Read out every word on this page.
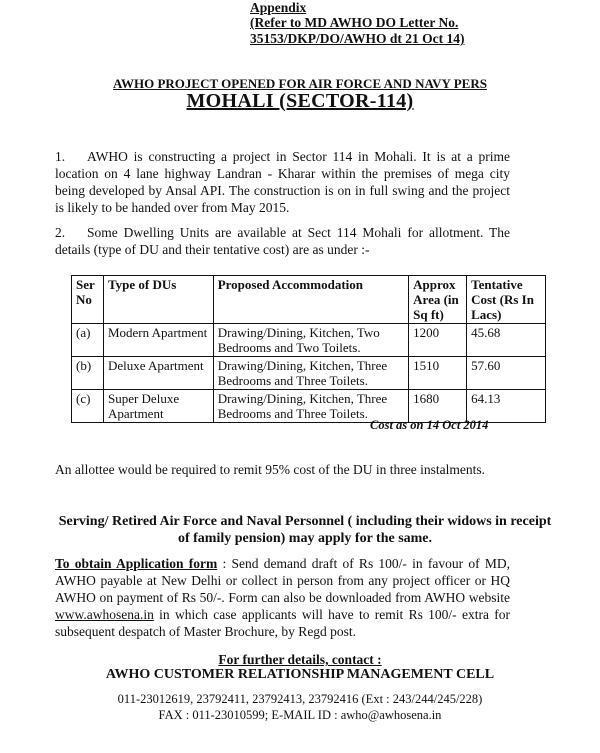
Appendix
(Refer to MD AWHO DO Letter No.
35153/DKP/DO/AWHO dt 21 Oct 14)
AWHO PROJECT OPENED FOR AIR FORCE AND NAVY PERS
MOHALI (SECTOR-114)
1. AWHO is constructing a project in Sector 114 in Mohali. It is at a prime location on 4 lane highway Landran - Kharar within the premises of mega city being developed by Ansal API. The construction is on in full swing and the project is likely to be handed over from May 2015.
2. Some Dwelling Units are available at Sect 114 Mohali for allotment. The details (type of DU and their tentative cost) are as under :-
Ser No	Type of DUs	Proposed Accommodation	Approx Area (in Sq ft)	Tentative Cost (Rs In Lacs)
(a)	Modern Apartment	Drawing/Dining, Kitchen, Two Bedrooms and Two Toilets.	1200	45.68
(b)	Deluxe Apartment	Drawing/Dining, Kitchen, Three Bedrooms and Three Toilets.	1510	57.60
(c)	Super Deluxe Apartment	Drawing/Dining, Kitchen, Three Bedrooms and Three Toilets.	1680	64.13
Cost as on 14 Oct 2014
An allottee would be required to remit 95% cost of the DU in three instalments.
Serving/ Retired Air Force and Naval Personnel ( including their widows in receipt of family pension) may apply for the same.
To obtain Application form : Send demand draft of Rs 100/- in favour of MD, AWHO payable at New Delhi or collect in person from any project officer or HQ AWHO on payment of Rs 50/-. Form can also be downloaded from AWHO website www.awhosena.in in which case applicants will have to remit Rs 100/- extra for subsequent despatch of Master Brochure, by Regd post.
For further details, contact :
AWHO CUSTOMER RELATIONSHIP MANAGEMENT CELL
011-23012619, 23792411, 23792413, 23792416 (Ext : 243/244/245/228)
FAX : 011-23010599; E-MAIL ID : awho@awhosena.in
